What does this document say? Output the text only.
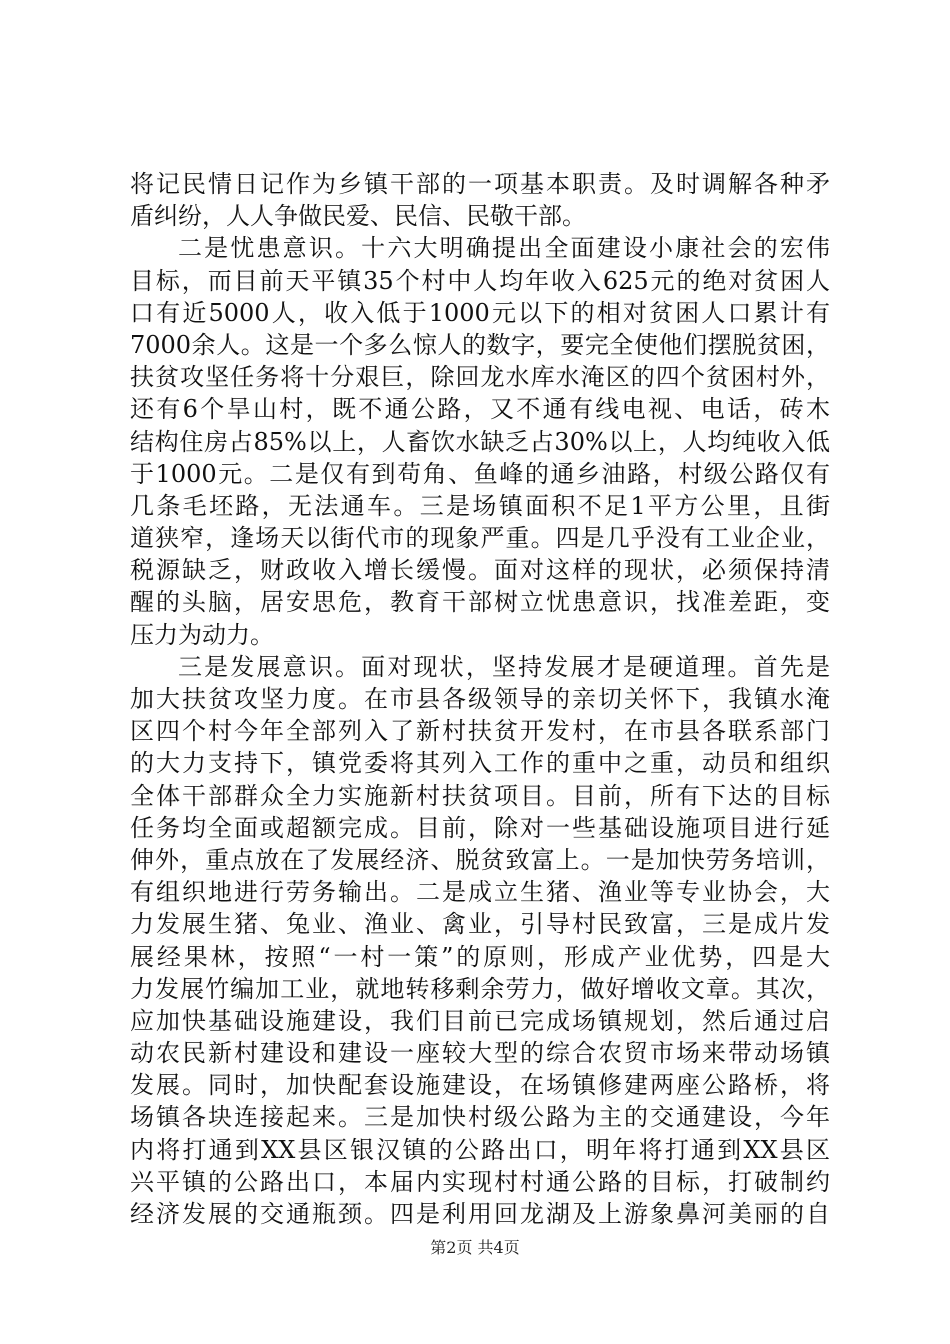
将记民情日记作为乡镇干部的一项基本职责。及时调解各种矛
盾纠纷，人人争做民爱、民信、民敬干部。
二是忧患意识。十六大明确提出全面建设小康社会的宏伟
目标，而目前天平镇35个村中人均年收入625元的绝对贫困人
口有近5000人，收入低于1000元以下的相对贫困人口累计有
7000余人。这是一个多么惊人的数字，要完全使他们摆脱贫困，
扶贫攻坚任务将十分艰巨，除回龙水库水淹区的四个贫困村外，
还有6个旱山村，既不通公路，又不通有线电视、电话，砖木
结构住房占85%以上，人畜饮水缺乏占30%以上，人均纯收入低
于1000元。二是仅有到苟角、鱼峰的通乡油路，村级公路仅有
几条毛坯路，无法通车。三是场镇面积不足1平方公里，且街
道狭窄，逢场天以街代市的现象严重。四是几乎没有工业企业，
税源缺乏，财政收入增长缓慢。面对这样的现状，必须保持清
醒的头脑，居安思危，教育干部树立忧患意识，找准差距，变
压力为动力。
三是发展意识。面对现状，坚持发展才是硬道理。首先是
加大扶贫攻坚力度。在市县各级领导的亲切关怀下，我镇水淹
区四个村今年全部列入了新村扶贫开发村，在市县各联系部门
的大力支持下，镇党委将其列入工作的重中之重，动员和组织
全体干部群众全力实施新村扶贫项目。目前，所有下达的目标
任务均全面或超额完成。目前，除对一些基础设施项目进行延
伸外，重点放在了发展经济、脱贫致富上。一是加快劳务培训，
有组织地进行劳务输出。二是成立生猪、渔业等专业协会，大
力发展生猪、兔业、渔业、禽业，引导村民致富，三是成片发
展经果林，按照“一村一策”的原则，形成产业优势，四是大
力发展竹编加工业，就地转移剩余劳力，做好增收文章。其次，
应加快基础设施建设，我们目前已完成场镇规划，然后通过启
动农民新村建设和建设一座较大型的综合农贸市场来带动场镇
发展。同时，加快配套设施建设，在场镇修建两座公路桥，将
场镇各块连接起来。三是加快村级公路为主的交通建设，今年
内将打通到XX县区银汉镇的公路出口，明年将打通到XX县区
兴平镇的公路出口，本届内实现村村通公路的目标，打破制约
经济发展的交通瓶颈。四是利用回龙湖及上游象鼻河美丽的自
第2页 共4页
